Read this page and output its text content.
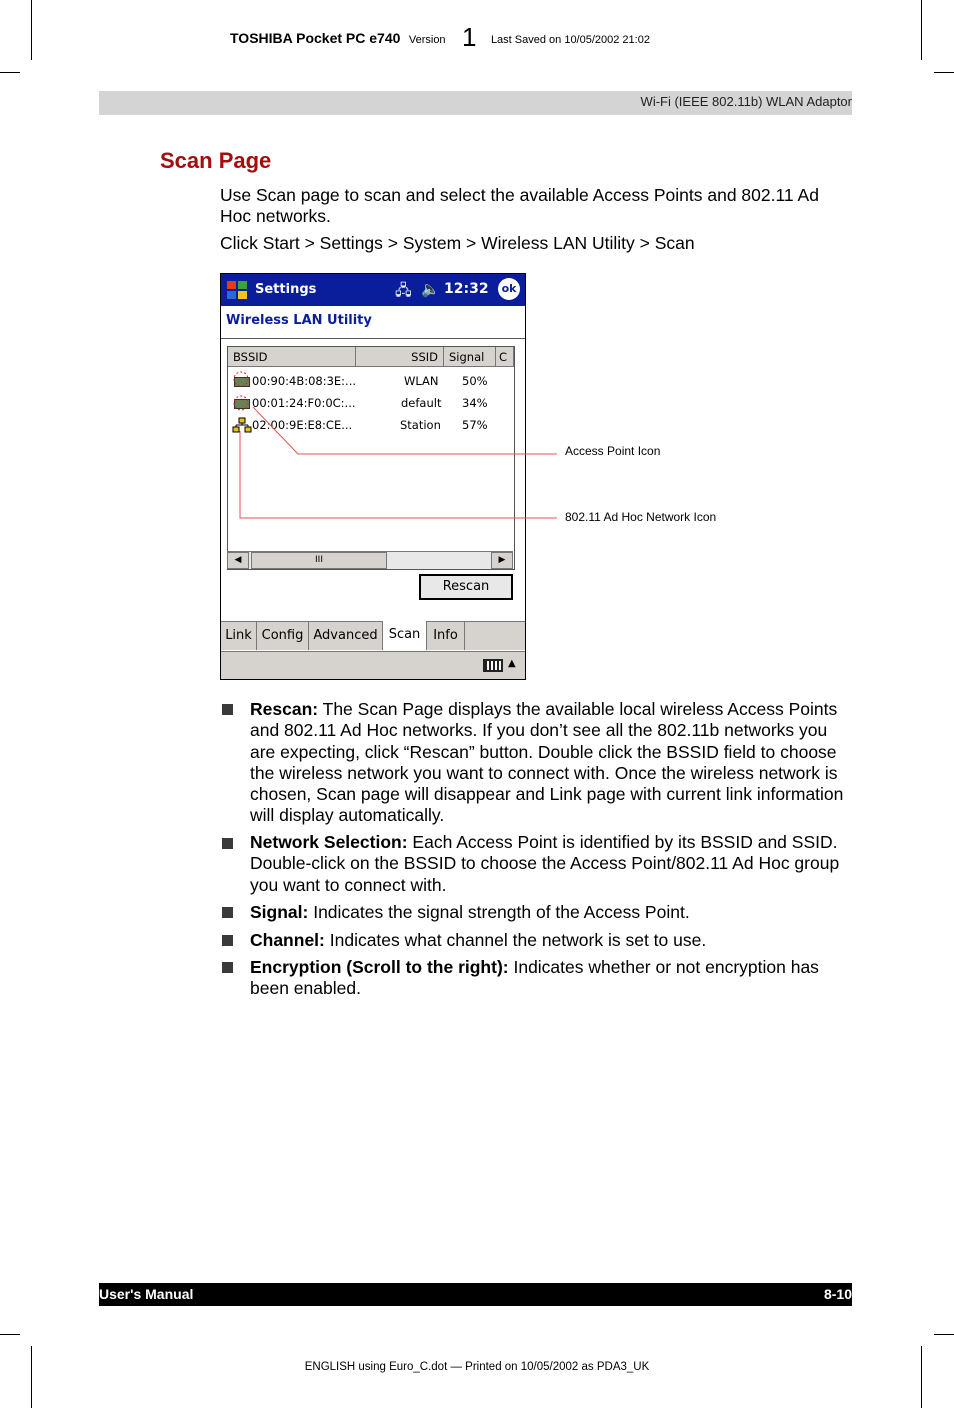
TOSHIBA Pocket PC e740 Version 1 Last Saved on 10/05/2002 21:02
Wi-Fi (IEEE 802.11b) WLAN Adaptor
Scan Page
Use Scan page to scan and select the available Access Points and 802.11 Ad Hoc networks.
Click Start > Settings > System > Wireless LAN Utility > Scan
Settings	🖧 🔈 12:32	ok
Wireless LAN Utility
BSSID	SSID Signal	C
00:90:4B:08:3E:...	WLAN 50%
00:01:24:F0:0C:...	default 34%
02:00:9E:E8:CE...	Station 57%
◀	III	▶
Rescan
Link Config Advanced Scan Info
▲
Access Point Icon
802.11 Ad Hoc Network Icon
Rescan: The Scan Page displays the available local wireless Access Points and 802.11 Ad Hoc networks. If you don’t see all the 802.11b networks you are expecting, click “Rescan” button. Double click the BSSID field to choose the wireless network you want to connect with. Once the wireless network is chosen, Scan page will disappear and Link page with current link information will display automatically.
Network Selection: Each Access Point is identified by its BSSID and SSID. Double-click on the BSSID to choose the Access Point/802.11 Ad Hoc group you want to connect with.
Signal: Indicates the signal strength of the Access Point.
Channel: Indicates what channel the network is set to use.
Encryption (Scroll to the right): Indicates whether or not encryption has been enabled.
User's Manual	8-10
ENGLISH using Euro_C.dot — Printed on 10/05/2002 as PDA3_UK
